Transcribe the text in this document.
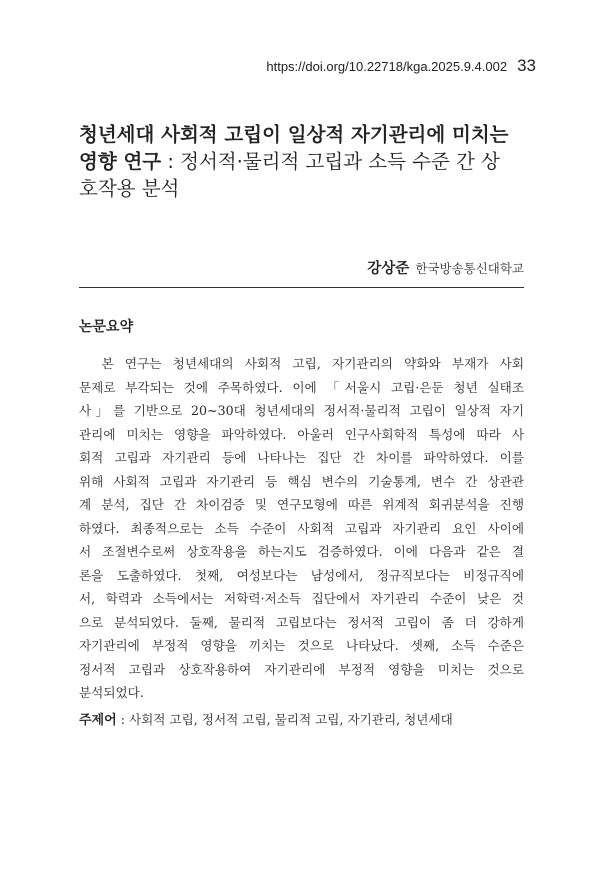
https://doi.org/10.22718/kga.2025.9.4.002 33
청년세대 사회적 고립이 일상적 자기관리에 미치는
영향 연구 : 정서적·물리적 고립과 소득 수준 간 상
호작용 분석
강상준 한국방송통신대학교
논문요약
본 연구는 청년세대의 사회적 고립, 자기관리의 약화와 부재가 사회
문제로 부각되는 것에 주목하였다. 이에 「서울시 고립·은둔 청년 실태조
사」를 기반으로 20~30대 청년세대의 정서적·물리적 고립이 일상적 자기
관리에 미치는 영향을 파악하였다. 아울러 인구사회학적 특성에 따라 사
회적 고립과 자기관리 등에 나타나는 집단 간 차이를 파악하였다. 이를
위해 사회적 고립과 자기관리 등 핵심 변수의 기술통계, 변수 간 상관관
계 분석, 집단 간 차이검증 및 연구모형에 따른 위계적 회귀분석을 진행
하였다. 최종적으로는 소득 수준이 사회적 고립과 자기관리 요인 사이에
서 조절변수로써 상호작용을 하는지도 검증하였다. 이에 다음과 같은 결
론을 도출하였다. 첫째, 여성보다는 남성에서, 정규직보다는 비정규직에
서, 학력과 소득에서는 저학력·저소득 집단에서 자기관리 수준이 낮은 것
으로 분석되었다. 둘째, 물리적 고립보다는 정서적 고립이 좀 더 강하게
자기관리에 부정적 영향을 끼치는 것으로 나타났다. 셋째, 소득 수준은
정서적 고립과 상호작용하여 자기관리에 부정적 영향을 미치는 것으로
분석되었다.
주제어 : 사회적 고립, 정서적 고립, 물리적 고립, 자기관리, 청년세대
